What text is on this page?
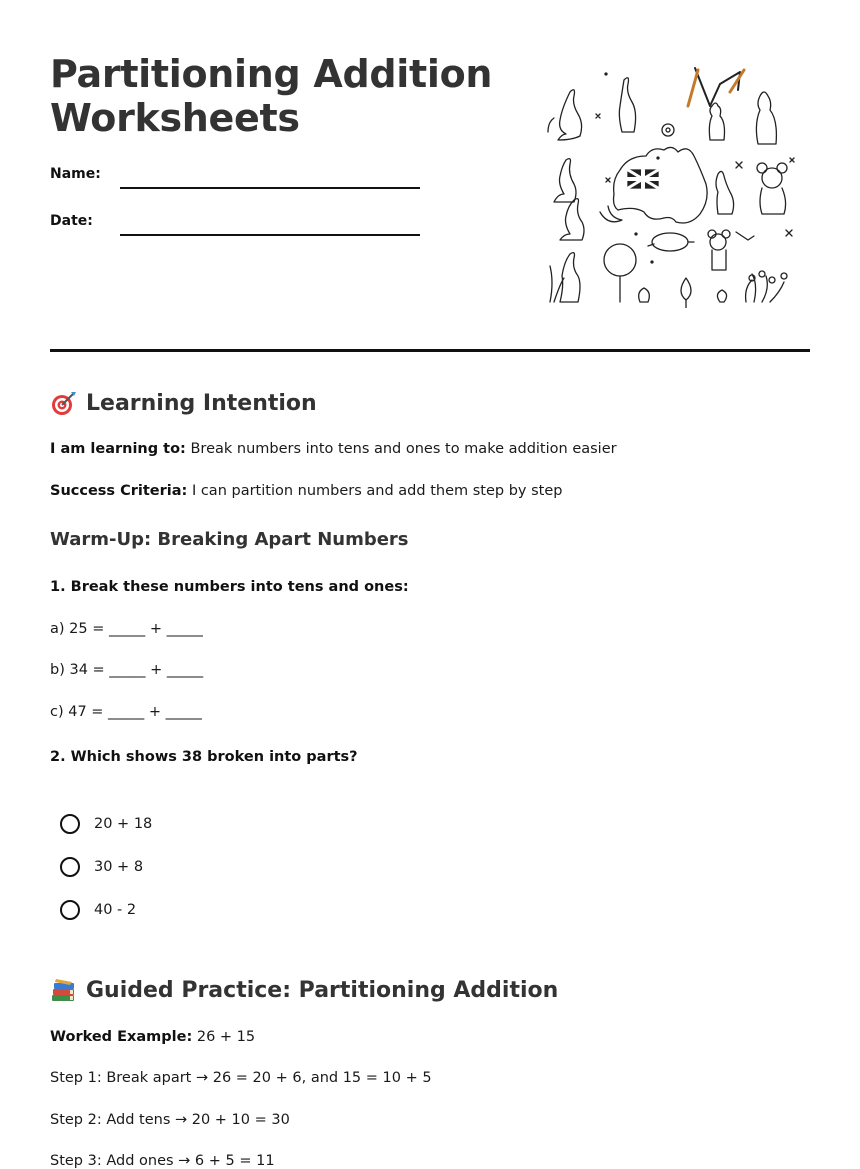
Partitioning Addition
Worksheets
Name:
Date:
Learning Intention
I am learning to: Break numbers into tens and ones to make addition easier
Success Criteria: I can partition numbers and add them step by step
Warm-Up: Breaking Apart Numbers
1. Break these numbers into tens and ones:
a) 25 = _____ + _____
b) 34 = _____ + _____
c) 47 = _____ + _____
2. Which shows 38 broken into parts?
20 + 18
30 + 8
40 - 2
Guided Practice: Partitioning Addition
Worked Example: 26 + 15
Step 1: Break apart → 26 = 20 + 6, and 15 = 10 + 5
Step 2: Add tens → 20 + 10 = 30
Step 3: Add ones → 6 + 5 = 11
